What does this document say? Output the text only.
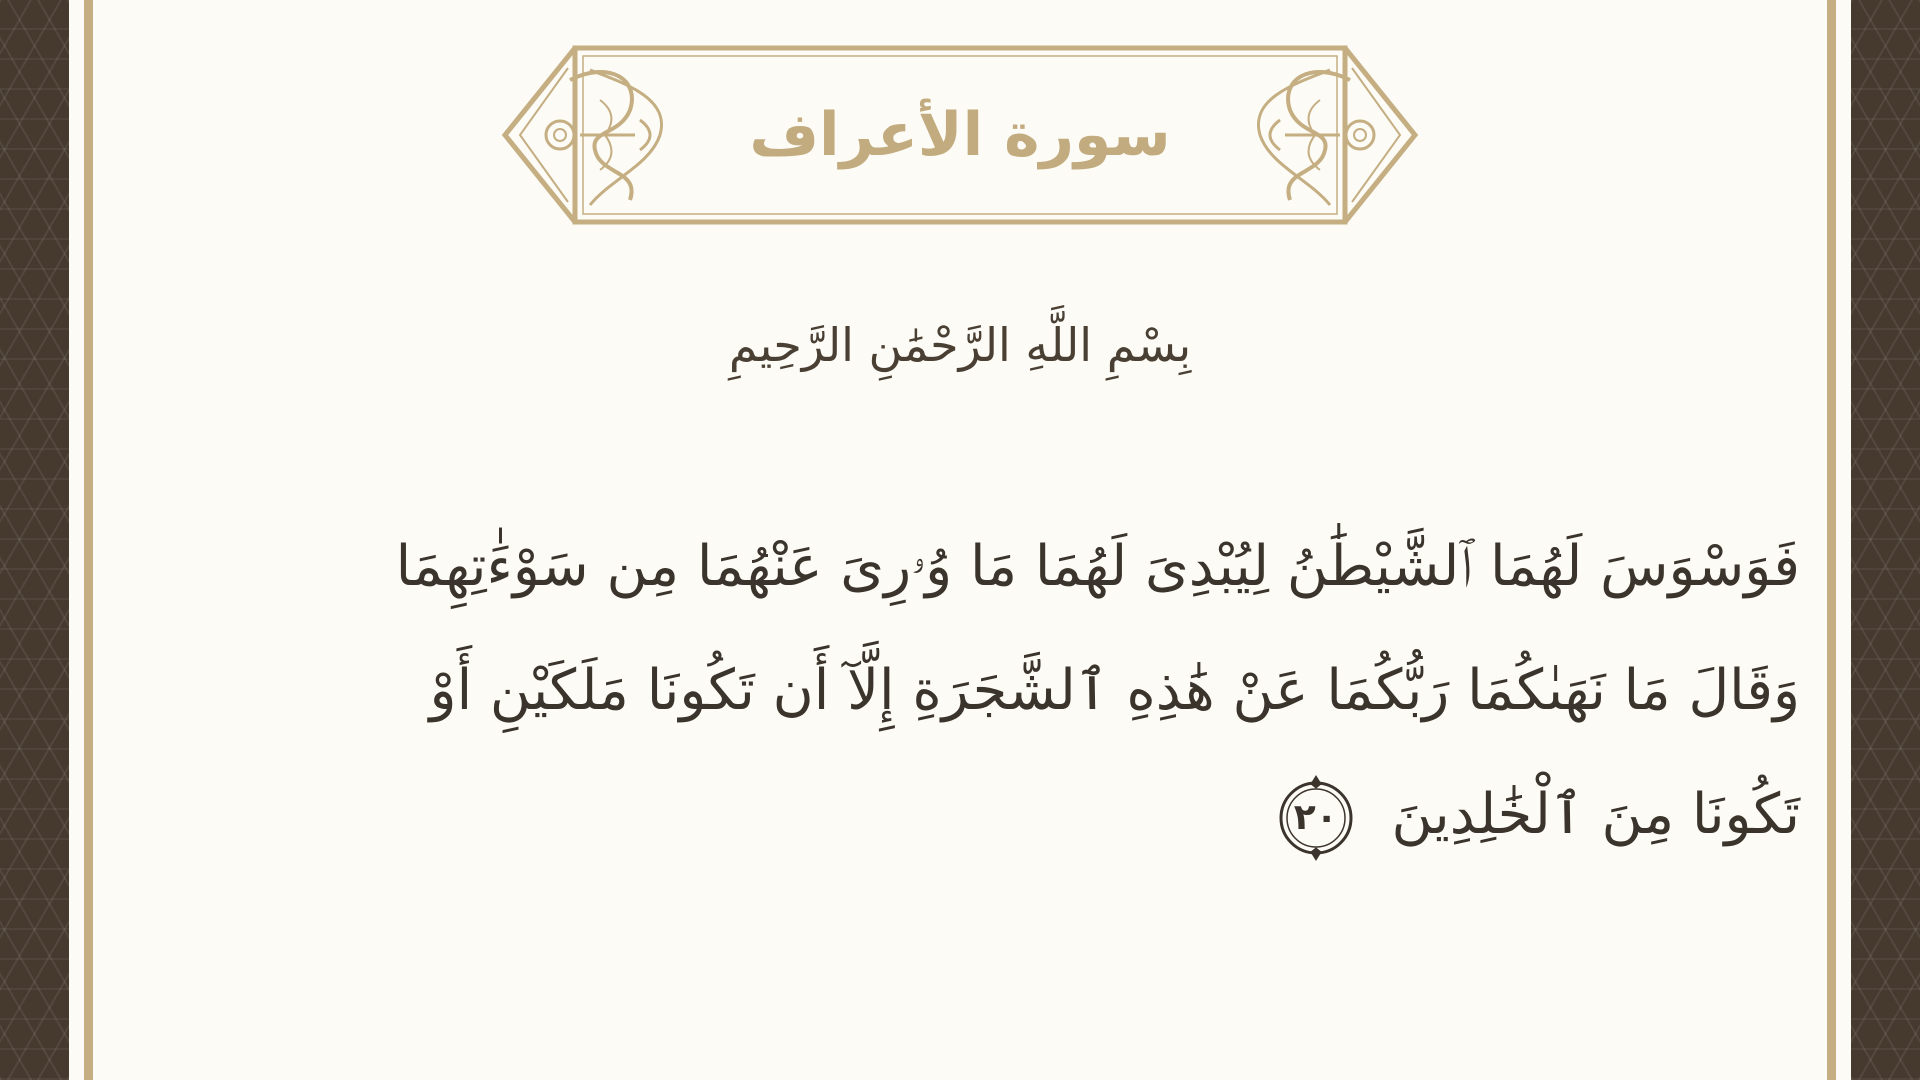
سورة الأعراف
بِسْمِ اللَّهِ الرَّحْمَٰنِ الرَّحِيمِ
فَوَسْوَسَ لَهُمَا ٱلشَّيْطَٰنُ لِيُبْدِىَ لَهُمَا مَا وُۥرِىَ عَنْهُمَا مِن سَوْءَٰتِهِمَا
وَقَالَ مَا نَهَىٰكُمَا رَبُّكُمَا عَنْ هَٰذِهِ ٱلشَّجَرَةِ إِلَّآ أَن تَكُونَا مَلَكَيْنِ أَوْ
تَكُونَا مِنَ ٱلْخَٰلِدِينَ
٢٠
